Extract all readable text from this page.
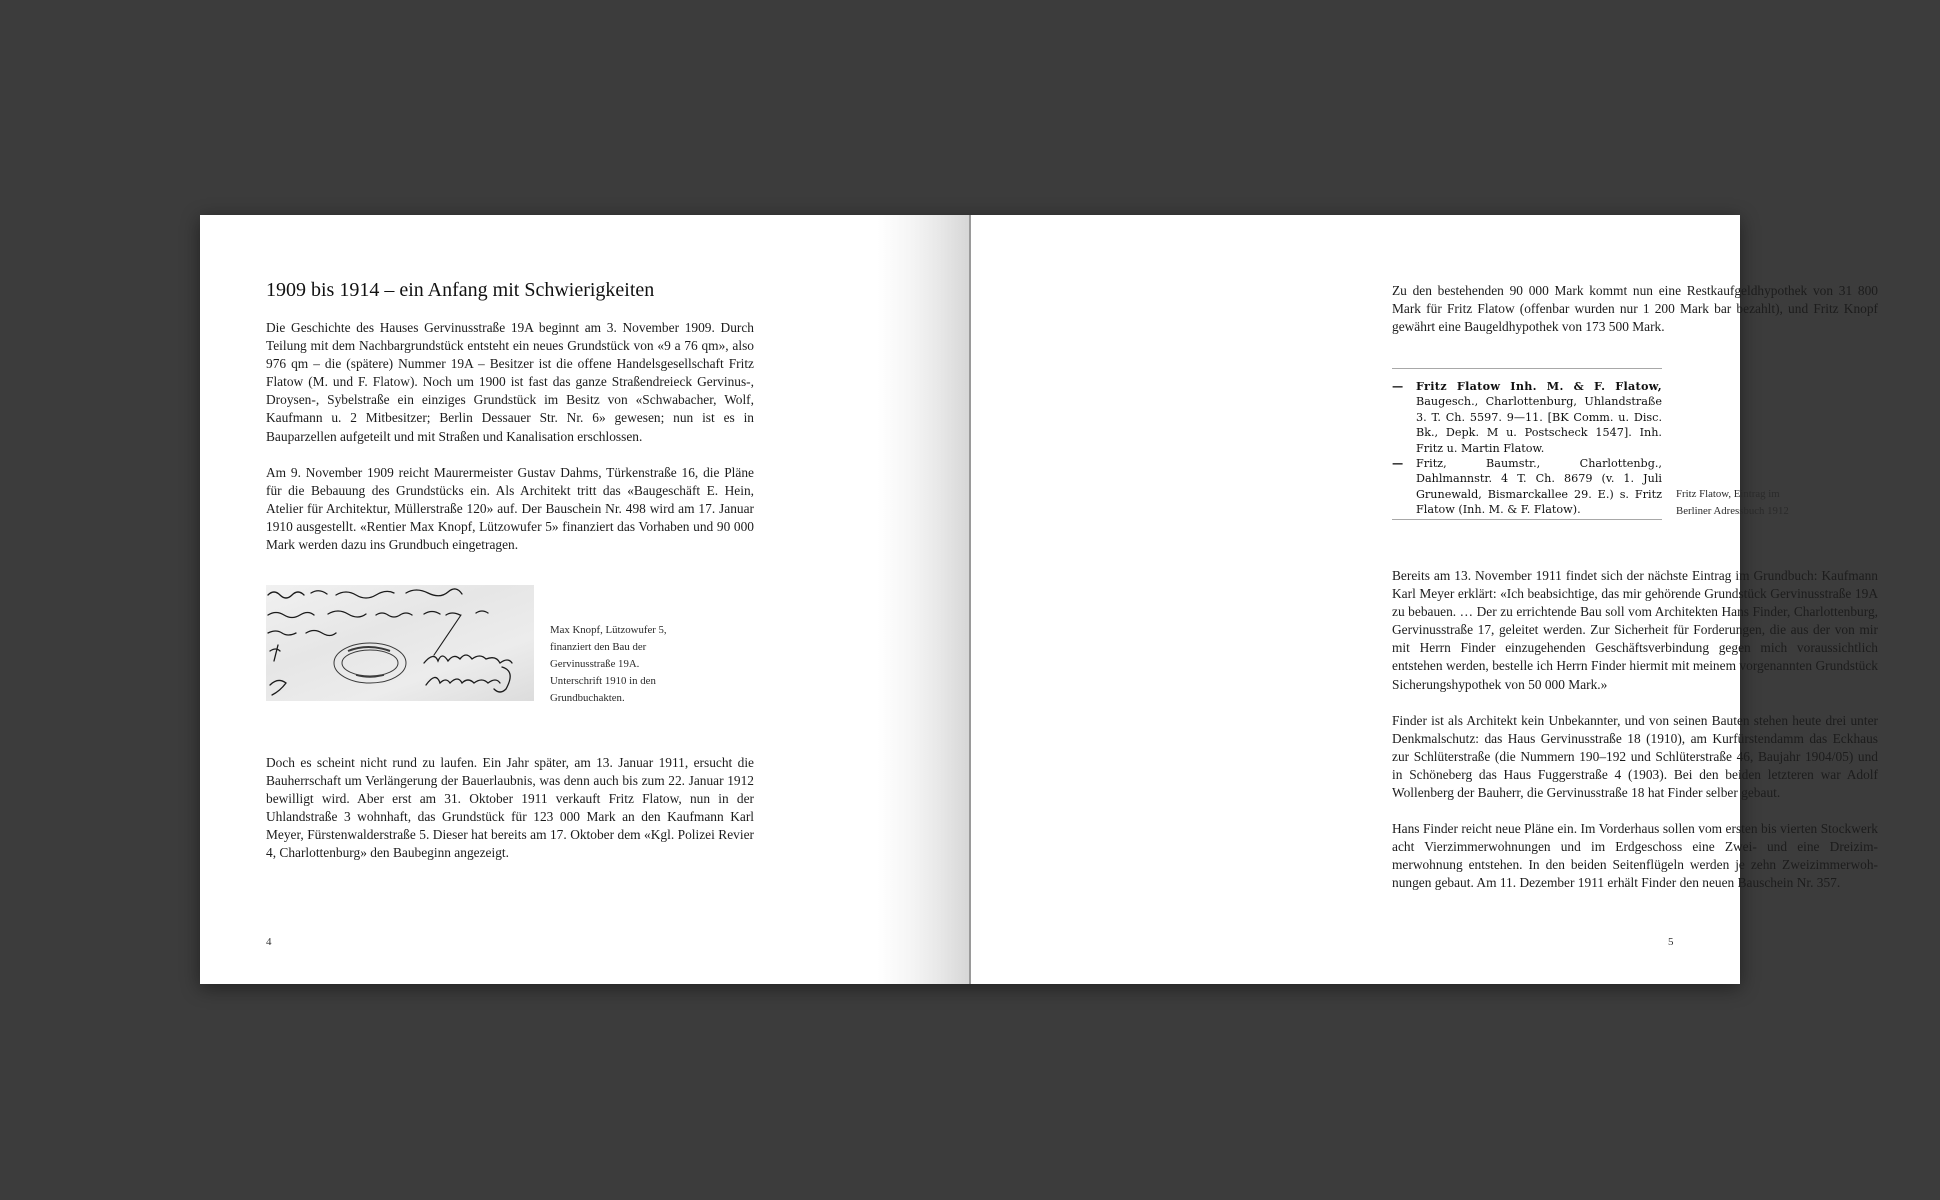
1909 bis 1914 – ein Anfang mit Schwierigkeiten

Die Geschichte des Hauses Gervinusstraße 19A beginnt am 3. November 1909. Durch Teilung mit dem Nachbargrundstück entsteht ein neues Grundstück von «9 a 76 qm», also 976 qm – die (spätere) Nummer 19A – Besitzer ist die offene Handelsgesellschaft Fritz Flatow (M. und F. Flatow). Noch um 1900 ist fast das ganze Straßendreieck Gervinus-, Droysen-, Sybelstraße ein einziges Grundstück im Besitz von «Schwabacher, Wolf, Kaufmann u. 2 Mitbesitzer; Berlin Dessauer Str. Nr. 6» gewesen; nun ist es in Bauparzellen aufgeteilt und mit Straßen und Kanalisation erschlossen.

Am 9. November 1909 reicht Maurermeister Gustav Dahms, Türkenstraße 16, die Pläne für die Bebauung des Grundstücks ein. Als Architekt tritt das «Baugeschäft E. Hein, Atelier für Architektur, Müllerstraße 120» auf. Der Bauschein Nr. 498 wird am 17. Januar 1910 ausgestellt. «Rentier Max Knopf, Lützowufer 5» finanziert das Vorhaben und 90 000 Mark werden dazu ins Grundbuch eingetragen.

Max Knopf, Lützowufer 5,
finanziert den Bau der
Gervinusstraße 19A.
Unterschrift 1910 in den
Grundbuchakten.

Doch es scheint nicht rund zu laufen. Ein Jahr später, am 13. Januar 1911, ersucht die Bauherrschaft um Verlängerung der Bauerlaubnis, was denn auch bis zum 22. Januar 1912 bewilligt wird. Aber erst am 31. Oktober 1911 verkauft Fritz Flatow, nun in der Uhlandstraße 3 wohnhaft, das Grundstück für 123 000 Mark an den Kaufmann Karl Meyer, Fürstenwalderstraße 5. Dieser hat bereits am 17. Oktober dem «Kgl. Polizei Revier 4, Charlottenburg» den Baubeginn angezeigt.

4

Zu den bestehenden 90 000 Mark kommt nun eine Restkaufgeldhypothek von 31 800 Mark für Fritz Flatow (offenbar wurden nur 1 200 Mark bar bezahlt), und Fritz Knopf gewährt eine Baugeldhypothek von 173 500 Mark.

— Fritz Flatow Inh. M. & F. Flatow, Baugesch., Charlottenburg, Uhlandstraße 3. T. Ch. 5597. 9—11. [BK Comm. u. Disc. Bk., Depk. M u. Postscheck 1547]. Inh. Fritz u. Martin Flatow.

— Fritz, Baumstr., Charlottenbg., Dahlmannstr. 4 T. Ch. 8679 (v. 1. Juli Grunewald, Bismarckallee 29. E.) s. Fritz Flatow (Inh. M. & F. Flatow).

Fritz Flatow, Eintrag im
Berliner Adressbuch 1912

Bereits am 13. November 1911 findet sich der nächste Eintrag im Grundbuch: Kaufmann Karl Meyer erklärt: «Ich beabsichtige, das mir gehörende Grundstück Gervinusstraße 19A zu bebauen. … Der zu errichtende Bau soll vom Architekten Hans Finder, Charlottenburg, Gervinusstraße 17, geleitet werden. Zur Sicherheit für Forderungen, die aus der von mir mit Herrn Finder einzugehenden Geschäftsverbindung gegen mich voraussichtlich entstehen werden, bestelle ich Herrn Finder hiermit mit meinem vorgenannten Grundstück Sicherungshypothek von 50 000 Mark.»

Finder ist als Architekt kein Unbekannter, und von seinen Bauten stehen heute drei unter Denkmalschutz: das Haus Gervinusstraße 18 (1910), am Kurfürstendamm das Eckhaus zur Schlüterstraße (die Nummern 190–192 und Schlüterstraße 46, Baujahr 1904/05) und in Schöneberg das Haus Fuggerstraße 4 (1903). Bei den beiden letzteren war Adolf Wollenberg der Bauherr, die Gervinusstraße 18 hat Finder selber gebaut.

Hans Finder reicht neue Pläne ein. Im Vorderhaus sollen vom ersten bis vierten Stockwerk acht Vierzimmerwohnungen und im Erdgeschoss eine Zwei- und eine Dreizimmerwohnung entstehen. In den beiden Seitenflügeln werden je zehn Zweizimmerwohnungen gebaut. Am 11. Dezember 1911 erhält Finder den neuen Bauschein Nr. 357.

5
